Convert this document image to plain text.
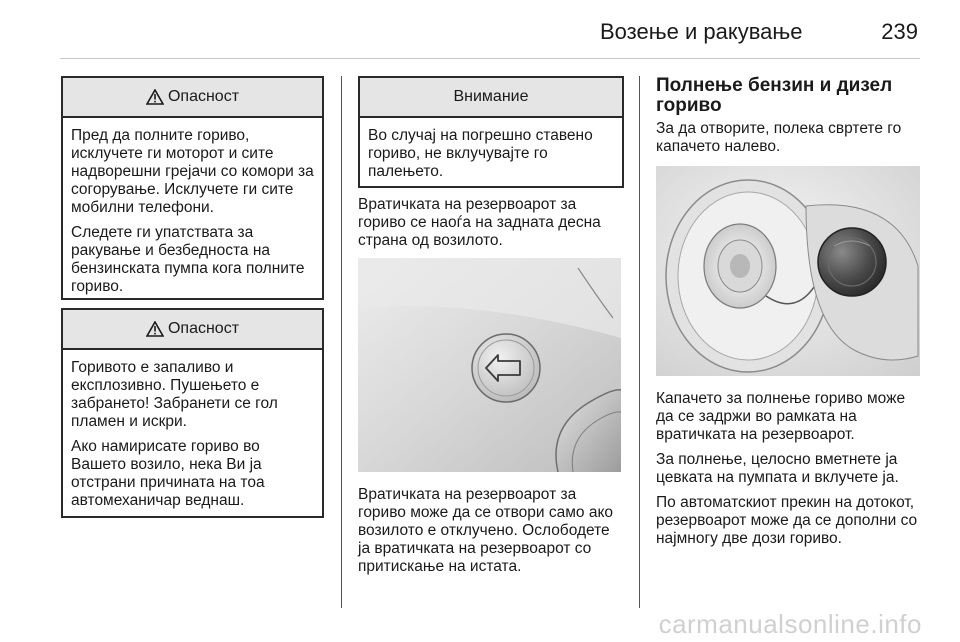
Возење и ракување	239
Опасност

Пред да полните гориво, исклучете ги моторот и сите надворешни грејачи со комори за согорување. Исклучете ги сите мобилни телефони.

Следете ги упатствата за ракување и безбедноста на бензинската пумпа кога полните гориво.

Опасност

Горивото е запаливо и експлозивно. Пушењето е забрането! Забранети се гол пламен и искри.

Ако намирисате гориво во Вашето возило, нека Ви ја отстрани причината на тоа автомеханичар веднаш.

Внимание

Во случај на погрешно ставено гориво, не вклучувајте го палењето.

Вратичката на резервоарот за гориво се наоѓа на задната десна страна од возилото.

Вратичката на резервоарот за гориво може да се отвори само ако возилото е отклучено. Ослободете ја вратичката на резервоарот со притискање на истата.

Полнење бензин и дизел гориво

За да отворите, полека свртете го капачето налево.

Капачето за полнење гориво може да се задржи во рамката на вратичката на резервоарот.

За полнење, целосно вметнете ја цевката на пумпата и вклучете ја.

По автоматскиот прекин на дотокот, резервоарот може да се дополни со најмногу две дози гориво.

carmanualsonline.info
